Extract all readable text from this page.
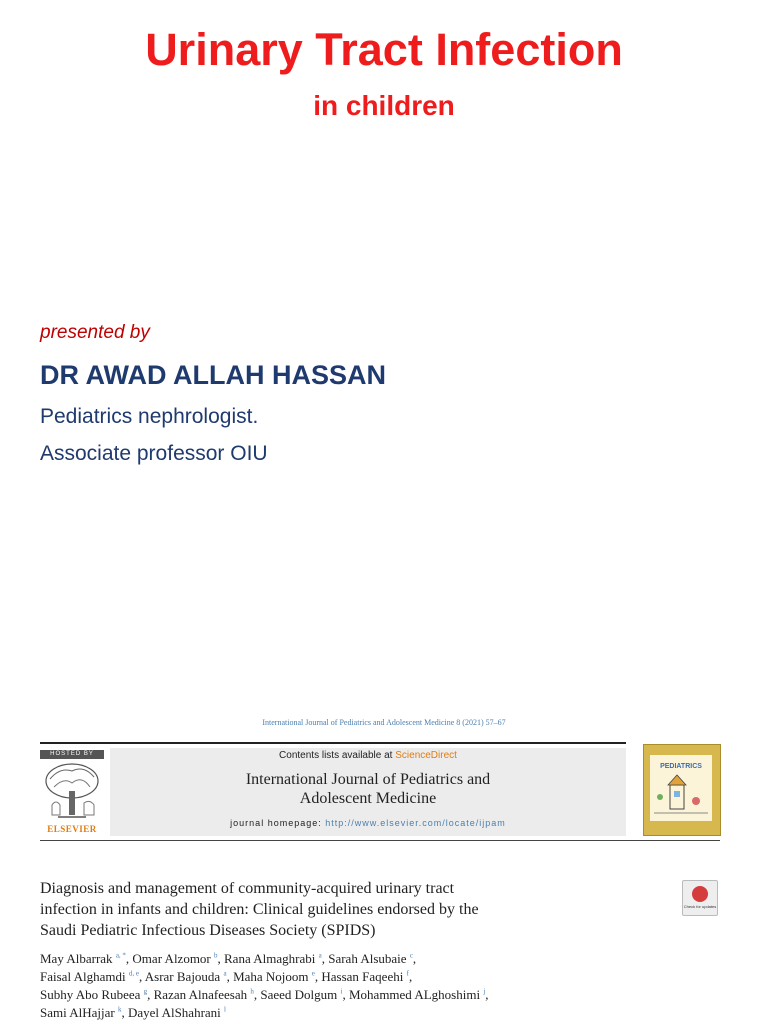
Urinary Tract Infection
in children
presented by
DR AWAD ALLAH HASSAN
Pediatrics nephrologist.
Associate professor OIU
International Journal of Pediatrics and Adolescent Medicine 8 (2021) 57–67
HOSTED BY
ELSEVIER
Contents lists available at ScienceDirect
International Journal of Pediatrics and
Adolescent Medicine
journal homepage: http://www.elsevier.com/locate/ijpam
PEDIATRICS
Diagnosis and management of community-acquired urinary tract
infection in infants and children: Clinical guidelines endorsed by the
Saudi Pediatric Infectious Diseases Society (SPIDS)
Check for updates
May Albarrak $^{a, *}$, Omar Alzomor $^b$, Rana Almaghrabi $^a$, Sarah Alsubaie $^c$,
Faisal Alghamdi $^{d, e}$, Asrar Bajouda $^a$, Maha Nojoom $^e$, Hassan Faqeehi $^f$,
Subhy Abo Rubeea $^g$, Razan Alnafeesah $^h$, Saeed Dolgum $^i$, Mohammed ALghoshimi $^j$,
Sami AlHajjar $^k$, Dayel AlShahrani $^l$
